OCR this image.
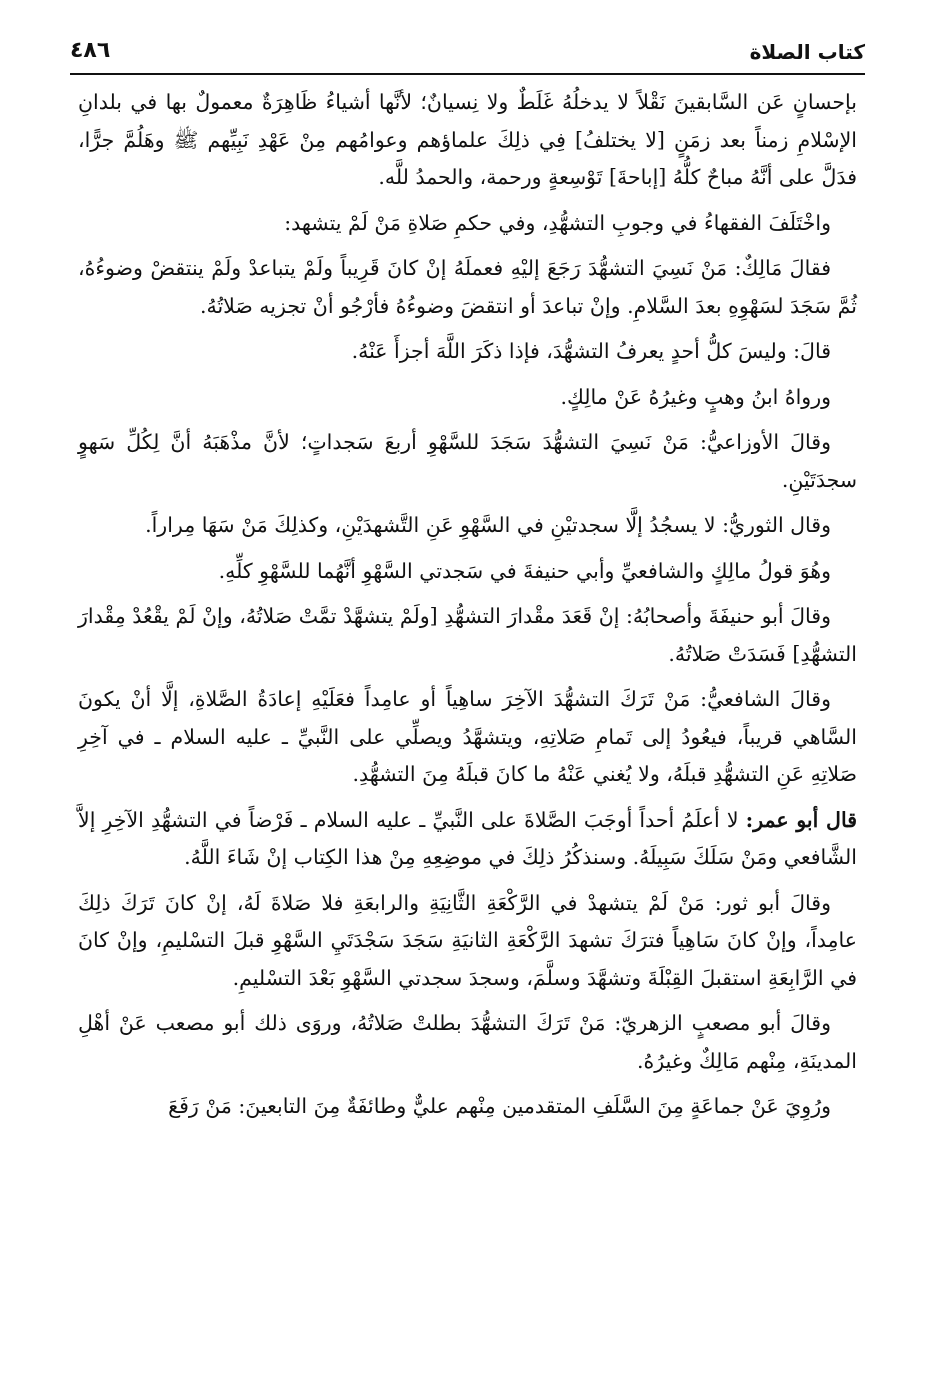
كتاب الصلاة
٤٨٦

بإحسانٍ عَن السَّابقينَ نَقْلاً لا يدخلُهُ غَلَطٌ ولا نِسيانٌ؛ لأنَّها أشياءُ ظَاهِرَةٌ معمولٌ بها في بلدانِ الإسْلامِ زمناً بعد زمَنٍ [لا يختلفُ] فِي ذلِكَ علماؤهم وعوامُهم مِنْ عَهْدِ نَبِيِّهم ﷺ وهَلُمَّ جرًّا، فدَلَّ على أنَّهُ مباحٌ كلُّهُ [إباحةَ] تَوْسِعةٍ ورحمة، والحمدُ للَّه.

واخْتَلَفَ الفقهاءُ في وجوبِ التشهُّدِ، وفي حكمِ صَلاةِ مَنْ لَمْ يتشهد:

فقالَ مَالِكٌ: مَنْ نَسِيَ التشهُّدَ رَجَعَ إليْهِ فعملَهُ إنْ كانَ قَرِيباً ولَمْ يتباعدْ ولَمْ ينتقضْ وضوءُهُ، ثُمَّ سَجَدَ لسَهْوِهِ بعدَ السَّلامِ. وإنْ تباعدَ أو انتقضَ وضوءُهُ فأرْجُو أنْ تجزيه صَلاتُهُ.

قالَ: وليسَ كلُّ أحدٍ يعرفُ التشهُّدَ، فإذا ذكَرَ اللَّهَ أجزأَ عَنْهُ.

ورواهُ ابنُ وهبٍ وغيرُهُ عَنْ مالِكٍ.

وقالَ الأوزاعيُّ: مَنْ نَسِيَ التشهُّدَ سَجَدَ للسَّهْوِ أربعَ سَجداتٍ؛ لأنَّ مذْهَبَهُ أنَّ لِكُلِّ سَهوٍ سجدَتَيْنِ.

وقال الثوريُّ: لا يسجُدُ إلَّا سجدتيْنِ في السَّهْوِ عَنِ التَّشهدَيْنِ، وكذلِكَ مَنْ سَهَا مِراراً.

وهُوَ قولُ مالِكٍ والشافعيِّ وأبي حنيفةَ في سَجدتي السَّهْوِ أنَّهُما للسَّهْوِ كلِّهِ.

وقالَ أبو حنيفَةَ وأصحابُهُ: إنْ قَعَدَ مقْدارَ التشهُّدِ [ولَمْ يتشهَّدْ تمَّتْ صَلاتُهُ، وإنْ لَمْ يقْعُدْ مِقْدارَ التشهُّدِ] فَسَدَتْ صَلاتُهُ.

وقالَ الشافعيُّ: مَنْ تَرَكَ التشهُّدَ الآخِرَ ساهِياً أو عامِداً فعَلَيْهِ إعادَةُ الصَّلاةِ، إلَّا أنْ يكونَ السَّاهي قريباً، فيعُودُ إلى تَمامِ صَلاتِهِ، ويتشهَّدُ ويصلِّي على النَّبيِّ ـ عليه السلام ـ في آخِرِ صَلاتِهِ عَنِ التشهُّدِ قبلَهُ، ولا يُغني عَنْهُ ما كانَ قبلَهُ مِنَ التشهُّدِ.

قال أبو عمر: لا أعلَمُ أحداً أوجَبَ الصَّلاةَ على النَّبيِّ ـ عليه السلام ـ فَرْضاً في التشهُّدِ الآخِرِ إلاَّ الشَّافعي ومَنْ سَلَكَ سَبِيلَهُ. وسنذكُرُ ذلِكَ في موضِعِهِ مِنْ هذا الكِتاب إنْ شَاءَ اللَّهُ.

وقالَ أبو ثور: مَنْ لَمْ يتشهدْ في الرَّكْعَةِ الثَّانِيَةِ والرابعَةِ فلا صَلاةَ لَهُ، إنْ كانَ تَرَكَ ذلِكَ عامِداً، وإنْ كانَ سَاهِياً فترَكَ تشهدَ الرَّكْعَةِ الثانيَةِ سَجَدَ سَجْدَتَيِ السَّهْوِ قبلَ التسْليمِ، وإنْ كانَ في الرَّابِعَةِ استقبلَ القِبْلَةَ وتشهَّدَ وسلَّمَ، وسجدَ سجدتي السَّهْوِ بَعْدَ التسْليمِ.

وقالَ أبو مصعبٍ الزهريّ: مَنْ تَرَكَ التشهُّدَ بطلتْ صَلاتُهُ، وروَى ذلك أبو مصعب عَنْ أهْلِ المدينَةِ، مِنْهم مَالِكٌ وغيرُهُ.

ورُوِيَ عَنْ جماعَةٍ مِنَ السَّلَفِ المتقدمين مِنْهم عليٌّ وطائفَةٌ مِنَ التابعينَ: مَنْ رَفَعَ
